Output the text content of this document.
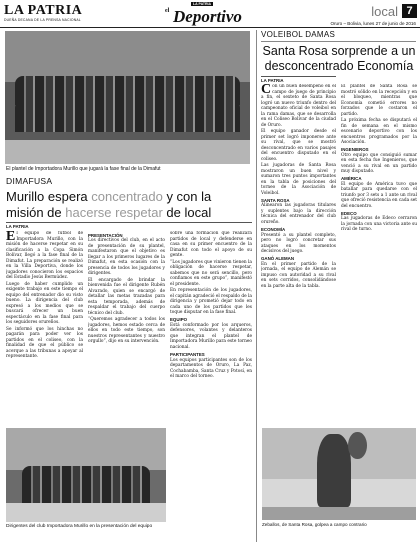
LA PATRIA
DUEÑA DECANA DE LA PRENSA NACIONAL
el
LA PATRIA
Deportivo	local 7
Oruro – Bolivia, lunes 27 de junio de 2016
El plantel de Importadora Murillo que jugará la fase final de la Dimafut
DIMAFUSA
Murillo espera concentrado y con la misión de hacerse respetar de local
LA PATRIA

El equipo de fútbol de Importadora Murillo, con la misión de hacerse respetar en su clasificación a la Copa Simón Bolívar, llegó a la fase final de la Dimafut. La preparación se realizó en la Villa Deportiva, donde los jugadores conocieron los espacios del Estadio Jesús Bermúdez.

Luego de haber cumplido un exigente trabajo en este tiempo el equipo del entrenador dio su visto bueno. La dirigencia del club expresó a los medios que se buscará ofrecer un buen espectáculo en la fase final para los seguidores orureños.

Se informó que los hinchas no pagarán para poder ver los partidos en el coliseo, con la finalidad de que el público se acerque a las tribunas a apoyar al representante.

PRESENTACIÓN

Los directivos del club, en el acto de presentación de su plantel, manifestaron que el objetivo es llegar a los primeros lugares de la Dimafut, en esta ocasión con la presencia de todos los jugadores y dirigentes.

El encargado de brindar la bienvenida fue el dirigente Rubén Alvarado, quien se encargó de detallar las metas trazadas para esta temporada, además de respaldar el trabajo del cuerpo técnico del club.

“Queremos agradecer a todos los jugadores, hemos estado cerca de ellos en todo este tiempo, son nuestros representantes y nuestro orgullo”, dijo en su intervención.

sobre una formación que realizará partidos de local y defenderse en casa en su primer encuentro de la Dimafut con todo el apoyo de su gente.

“Los jugadores que vinieron tienen la obligación de hacerse respetar, sabemos que no será sencillo, pero confiamos en este grupo”, manifestó el presidente.

En representación de los jugadores, el capitán agradeció el respaldo de la dirigencia y prometió dejar todo en cada uno de los partidos que les toque disputar en la fase final.

EQUIPO

Está conformado por los arqueros, defensores, volantes y delanteros que integran el plantel de Importadora Murillo para este torneo nacional.

PARTICIPANTES

Los equipos participantes son de los departamentos de Oruro, La Paz, Cochabamba, Santa Cruz y Potosí, en el marco del torneo.

Dirigentes del club Importadora Murillo en la presentación del equipo
VOLEIBOL DAMAS
Santa Rosa sorprende a un desconcentrado Economía
LA PATRIA

Con un buen desempeño en el campo de juego de principio a fin, el sexteto de Santa Rosa logró un nuevo triunfo dentro del campeonato oficial de voleibol en la rama damas, que se desarrolla en el Coliseo Bolívar de la ciudad de Oruro.

El equipo ganador desde el primer set logró imponerse ante su rival, que se mostró desconcentrado en varios pasajes del encuentro disputado en el coliseo.

Las jugadoras de Santa Rosa mostraron un buen nivel y sumaron tres puntos importantes en la tabla de posiciones del torneo de la Asociación de Voleibol.

SANTA ROSA

Alinearon las jugadoras titulares y suplentes bajo la dirección técnica del entrenador del club orureño.

ECONOMÍA

Presentó a su plantel completo, pero no logró concretar sus ataques en los momentos decisivos del juego.

GANÓ ALEMAN

En el primer partido de la jornada, el equipo de Alemán se impuso con autoridad a su rival en sets corridos, consolidándose en la parte alta de la tabla.

El plantel de Santa Rosa se mostró sólido en la recepción y en el bloqueo, mientras que Economía cometió errores no forzados que le costaron el partido.

La próxima fecha se disputará el fin de semana en el mismo escenario deportivo con los encuentros programados por la Asociación.

INGENIEROS

Otro equipo que consiguió sumar en esta fecha fue Ingenieros, que venció a su rival en un partido muy disputado.

AMÉRICA

El equipo de América tuvo que batallar para quedarse con el triunfo por 3 sets a 1 ante un rival que ofreció resistencia en cada set del encuentro.

EDECO

Las jugadoras de Edeco cerraron la jornada con una victoria ante su rival de turno.

Zeballos, de Santa Rosa, golpea a campo contrario
